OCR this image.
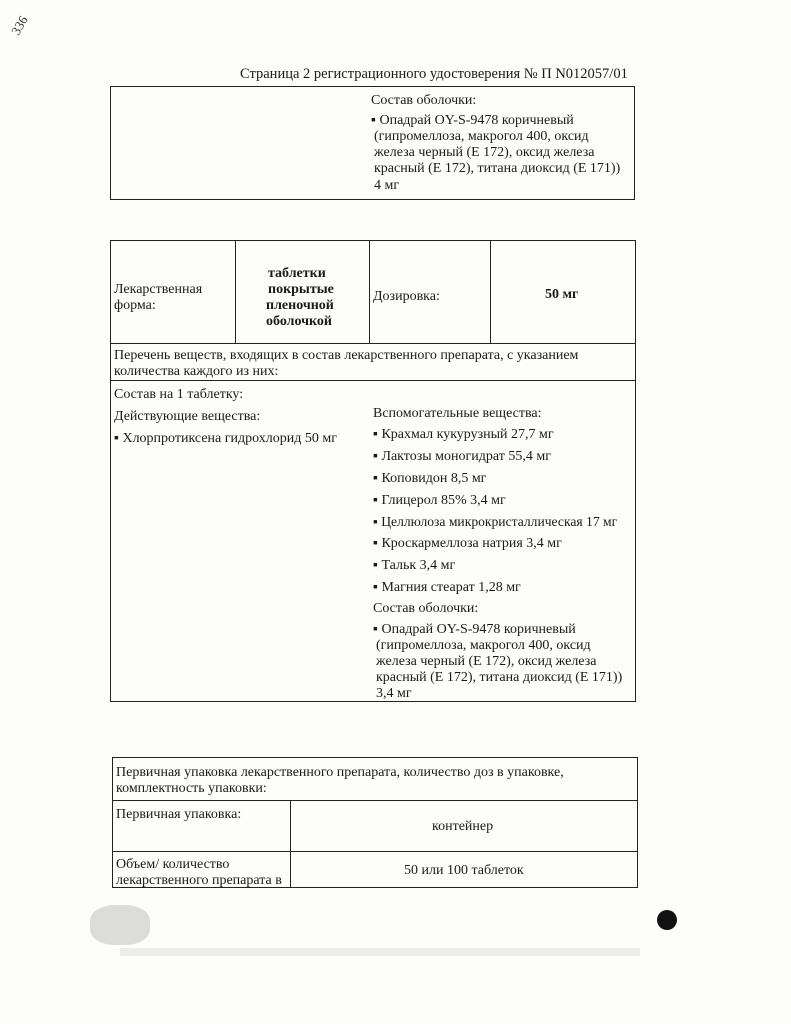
336
Страница 2 регистрационного удостоверения № П N012057/01
Состав оболочки:
▪ Опадрай OY-S-9478 коричневый
(гипромеллоза, макрогол 400, оксид
железа черный (Е 172), оксид железа
красный (Е 172), титана диоксид (Е 171))
4 мг
Лекарственная
форма:
таблетки
покрытые
пленочной
оболочкой
Дозировка:	50 мг
Перечень веществ, входящих в состав лекарственного препарата, с указанием
количества каждого из них:
Состав на 1 таблетку:
Действующие вещества:
▪ Хлорпротиксена гидрохлорид 50 мг
Вспомогательные вещества:
▪ Крахмал кукурузный 27,7 мг
▪ Лактозы моногидрат 55,4 мг
▪ Коповидон 8,5 мг
▪ Глицерол 85% 3,4 мг
▪ Целлюлоза микрокристаллическая 17 мг
▪ Кроскармеллоза натрия 3,4 мг
▪ Тальк 3,4 мг
▪ Магния стеарат 1,28 мг
Состав оболочки:
▪ Опадрай OY-S-9478 коричневый
(гипромеллоза, макрогол 400, оксид
железа черный (Е 172), оксид железа
красный (Е 172), титана диоксид (Е 171))
3,4 мг
Первичная упаковка лекарственного препарата, количество доз в упаковке,
комплектность упаковки:
Первичная упаковка:
контейнер
Объем/ количество
лекарственного препарата в
50 или 100 таблеток
